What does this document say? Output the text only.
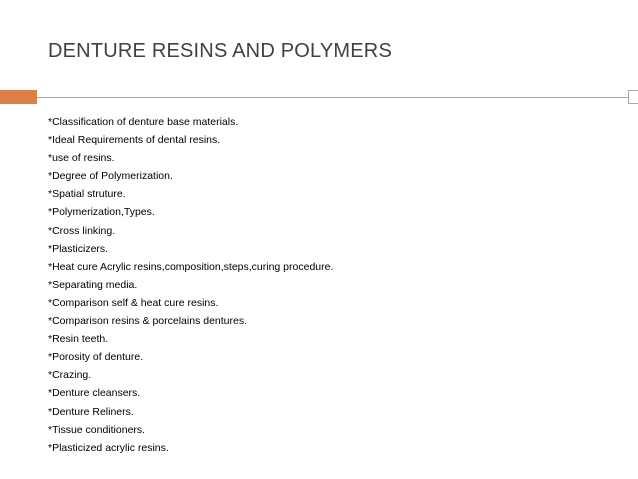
DENTURE RESINS AND POLYMERS
*Classification of denture base materials.
*Ideal Requirements of dental resins.
*use of resins.
*Degree of Polymerization.
*Spatial struture.
*Polymerization,Types.
*Cross linking.
*Plasticizers.
*Heat cure Acrylic resins,composition,steps,curing procedure.
*Separating media.
*Comparison self & heat cure resins.
*Comparison resins & porcelains dentures.
*Resin teeth.
*Porosity of denture.
*Crazing.
*Denture cleansers.
*Denture Reliners.
*Tissue conditioners.
*Plasticized acrylic resins.
